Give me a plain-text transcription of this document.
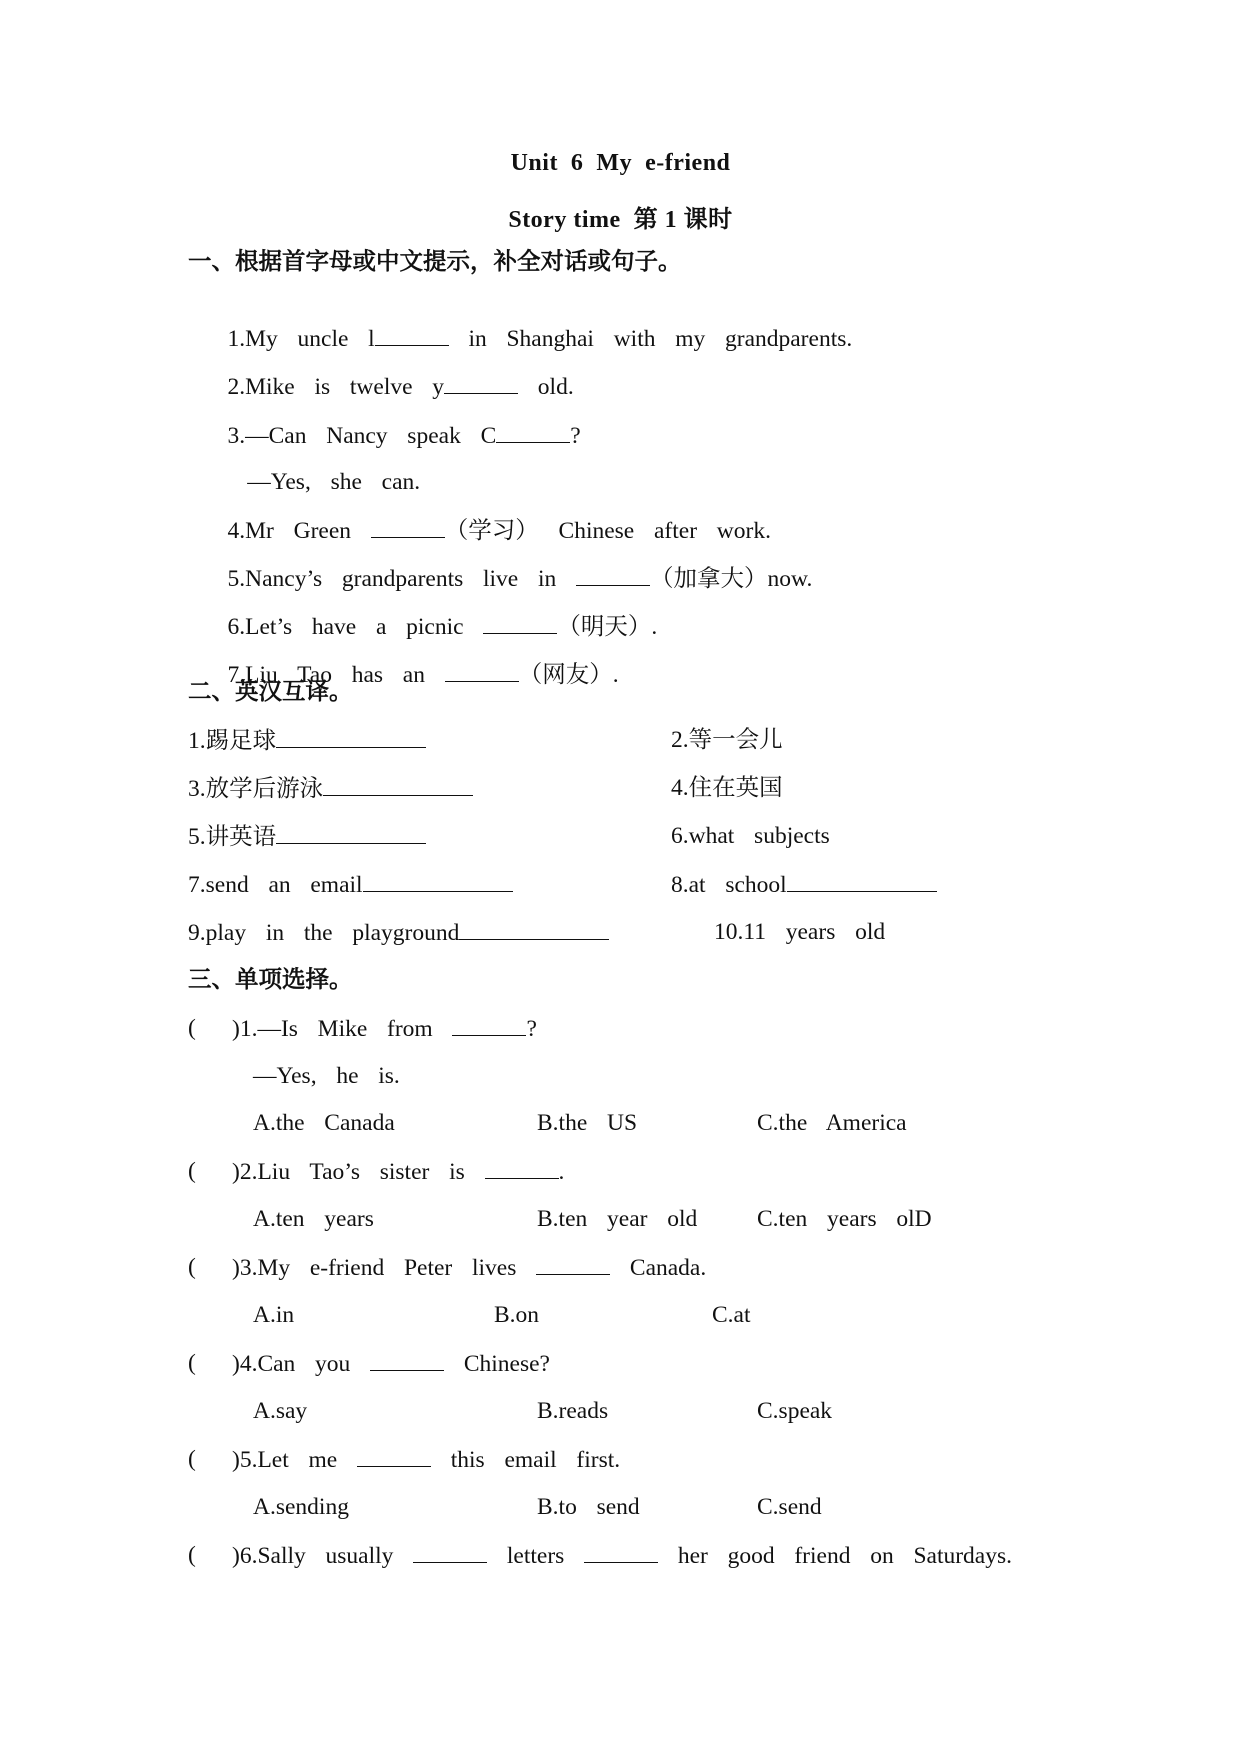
Unit  6  My  e-friend
Story time  第 1 课时
一、根据首字母或中文提示，补全对话或句子。

1.My  uncle  l	in  Shanghai  with  my  grandparents.

2.Mike  is  twelve  y	old.

3.—Can  Nancy  speak  C	?

—Yes,  she  can.

4.Mr  Green	（学习）  Chinese  after  work.

5.Nancy’s  grandparents  live  in	（加拿大）now.

6.Let’s  have  a  picnic	（明天）.

7.Liu  Tao  has  an	（网友）.

二、英汉互译。
1.踢足球	2.等一会儿
3.放学后游泳	4.住在英国
5.讲英语	6.what  subjects
7.send  an  email	8.at  school
9.play  in  the  playground	10.11  years  old
三、单项选择。
( )1.—Is  Mike  from	?
—Yes,  he  is.
A.the  Canada	B.the  US	C.the  America
( )2.Liu  Tao’s  sister  is	.
A.ten  years	B.ten  year  old	C.ten  years  olD
( )3.My  e-friend  Peter  lives	Canada.
A.in	B.on	C.at
( )4.Can  you	Chinese?
A.say	B.reads	C.speak
( )5.Let  me	this  email  first.
A.sending	B.to  send	C.send
( )6.Sally  usually	letters	her  good  friend  on  Saturdays.
